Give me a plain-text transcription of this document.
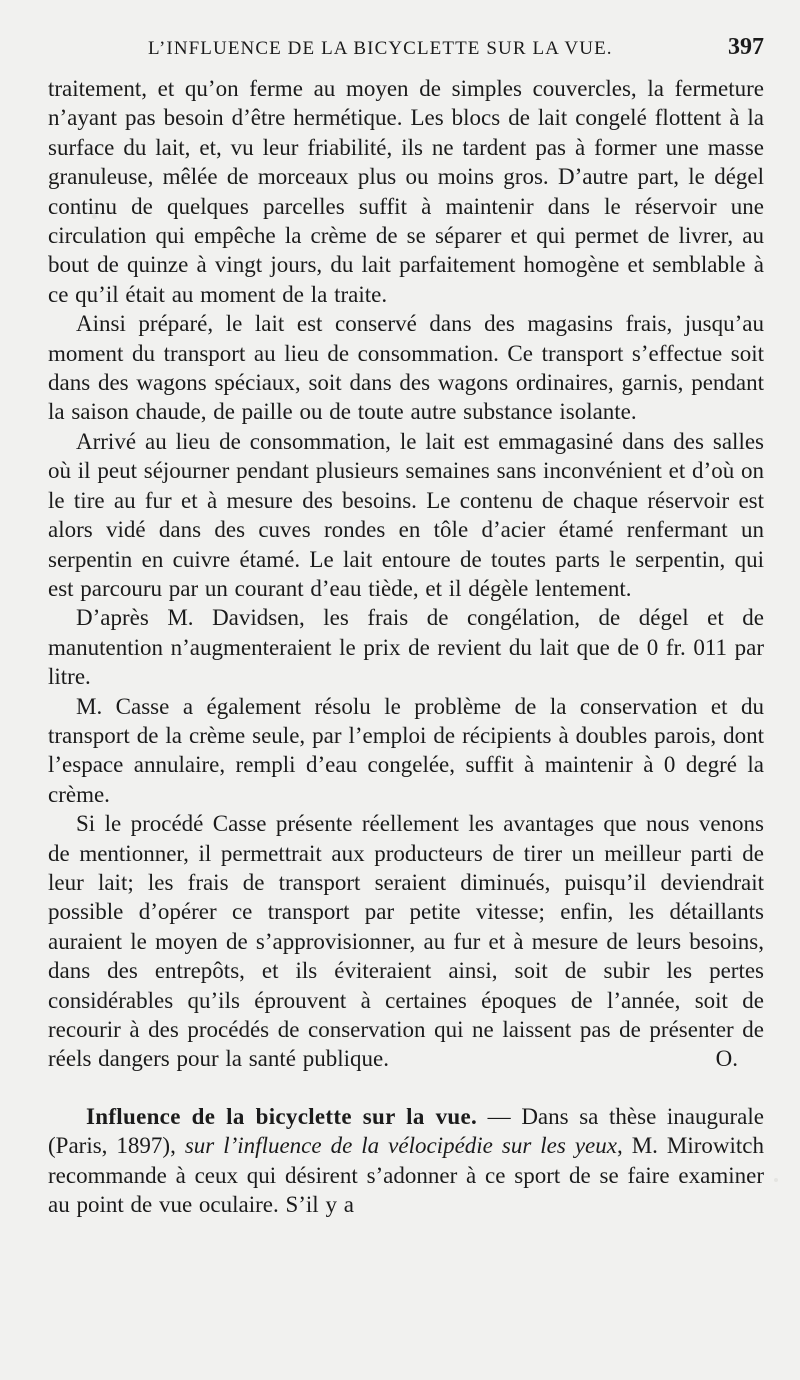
L’INFLUENCE DE LA BICYCLETTE SUR LA VUE.	397

traitement, et qu’on ferme au moyen de simples couvercles, la fermeture n’ayant pas besoin d’être hermétique. Les blocs de lait congelé flottent à la surface du lait, et, vu leur friabilité, ils ne tardent pas à former une masse granuleuse, mêlée de morceaux plus ou moins gros. D’autre part, le dégel continu de quelques parcelles suffit à maintenir dans le réservoir une circulation qui empêche la crème de se séparer et qui permet de livrer, au bout de quinze à vingt jours, du lait parfaitement homogène et semblable à ce qu’il était au moment de la traite.

Ainsi préparé, le lait est conservé dans des magasins frais, jusqu’au moment du transport au lieu de consommation. Ce transport s’effectue soit dans des wagons spéciaux, soit dans des wagons ordinaires, garnis, pendant la saison chaude, de paille ou de toute autre substance isolante.

Arrivé au lieu de consommation, le lait est emmagasiné dans des salles où il peut séjourner pendant plusieurs semaines sans inconvénient et d’où on le tire au fur et à mesure des besoins. Le contenu de chaque réservoir est alors vidé dans des cuves rondes en tôle d’acier étamé renfermant un serpentin en cuivre étamé. Le lait entoure de toutes parts le serpentin, qui est parcouru par un courant d’eau tiède, et il dégèle lentement.

D’après M. Davidsen, les frais de congélation, de dégel et de manutention n’augmenteraient le prix de revient du lait que de 0 fr. 011 par litre.

M. Casse a également résolu le problème de la conservation et du transport de la crème seule, par l’emploi de récipients à doubles parois, dont l’espace annulaire, rempli d’eau congelée, suffit à maintenir à 0 degré la crème.

Si le procédé Casse présente réellement les avantages que nous venons de mentionner, il permettrait aux producteurs de tirer un meilleur parti de leur lait; les frais de transport seraient diminués, puisqu’il deviendrait possible d’opérer ce transport par petite vitesse; enfin, les détaillants auraient le moyen de s’approvisionner, au fur et à mesure de leurs besoins, dans des entrepôts, et ils éviteraient ainsi, soit de subir les pertes considérables qu’ils éprouvent à certaines époques de l’année, soit de recourir à des procédés de conservation qui ne laissent pas de présenter de réels dangers pour la santé publique.	O.

Influence de la bicyclette sur la vue. — Dans sa thèse inaugurale (Paris, 1897), sur l’influence de la vélocipédie sur les yeux, M. Mirowitch recommande à ceux qui désirent s’adonner à ce sport de se faire examiner au point de vue oculaire. S’il y a
